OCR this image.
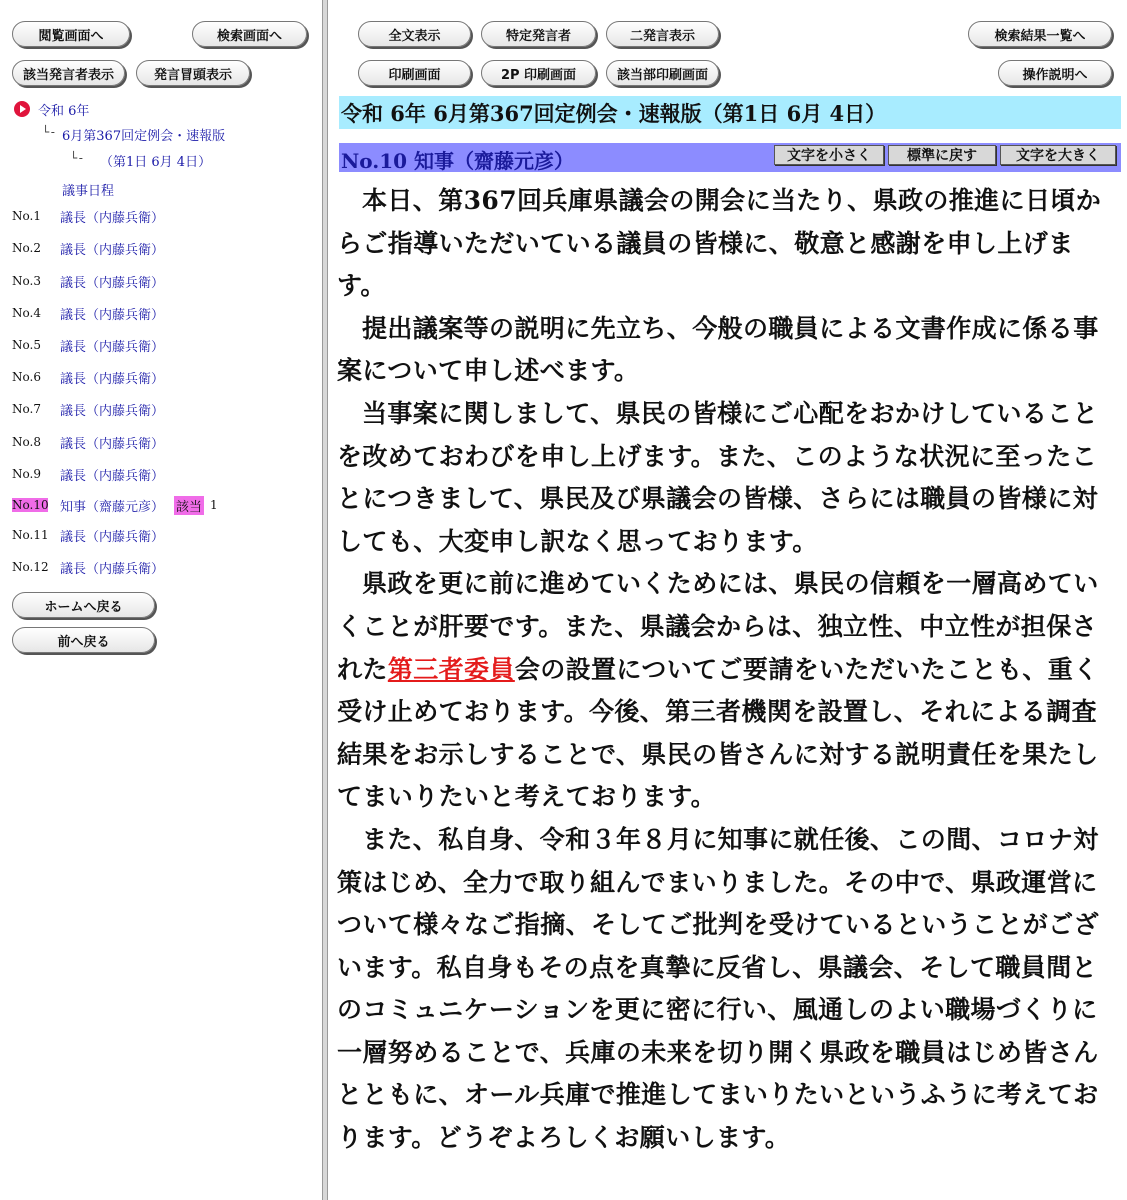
閲覧画面へ	検索画面へ
該当発言者表示	発言冒頭表示
令和 6年
└- 6月第367回定例会・速報版
└- （第1日 6月 4日）
議事日程
No.1	議長（内藤兵衛）
No.2	議長（内藤兵衛）
No.3	議長（内藤兵衛）
No.4	議長（内藤兵衛）
No.5	議長（内藤兵衛）
No.6	議長（内藤兵衛）
No.7	議長（内藤兵衛）
No.8	議長（内藤兵衛）
No.9	議長（内藤兵衛）
No.10 知事（齋藤元彦） 該当 1
No.11 議長（内藤兵衛）
No.12 議長（内藤兵衛）
ホームへ戻る
前へ戻る
全文表示	特定発言者	二発言表示	検索結果一覧へ
印刷画面	2P 印刷画面	該当部印刷画面	操作説明へ
令和 6年 6月第367回定例会・速報版（第1日 6月 4日）
No.10 知事（齋藤元彦）	文字を小さく	標準に戻す	文字を大きく

本日、第367回兵庫県議会の開会に当たり、県政の推進に日頃からご指導いただいている議員の皆様に、敬意と感謝を申し上げます。

提出議案等の説明に先立ち、今般の職員による文書作成に係る事案について申し述べます。

当事案に関しまして、県民の皆様にご心配をおかけしていることを改めておわびを申し上げます。また、このような状況に至ったことにつきまして、県民及び県議会の皆様、さらには職員の皆様に対しても、大変申し訳なく思っております。

県政を更に前に進めていくためには、県民の信頼を一層高めていくことが肝要です。また、県議会からは、独立性、中立性が担保された第三者委員会の設置についてご要請をいただいたことも、重く受け止めております。今後、第三者機関を設置し、それによる調査結果をお示しすることで、県民の皆さんに対する説明責任を果たしてまいりたいと考えております。

また、私自身、令和３年８月に知事に就任後、この間、コロナ対策はじめ、全力で取り組んでまいりました。その中で、県政運営について様々なご指摘、そしてご批判を受けているということがございます。私自身もその点を真摯に反省し、県議会、そして職員間とのコミュニケーションを更に密に行い、風通しのよい職場づくりに一層努めることで、兵庫の未来を切り開く県政を職員はじめ皆さんとともに、オール兵庫で推進してまいりたいというふうに考えております。どうぞよろしくお願いします。
